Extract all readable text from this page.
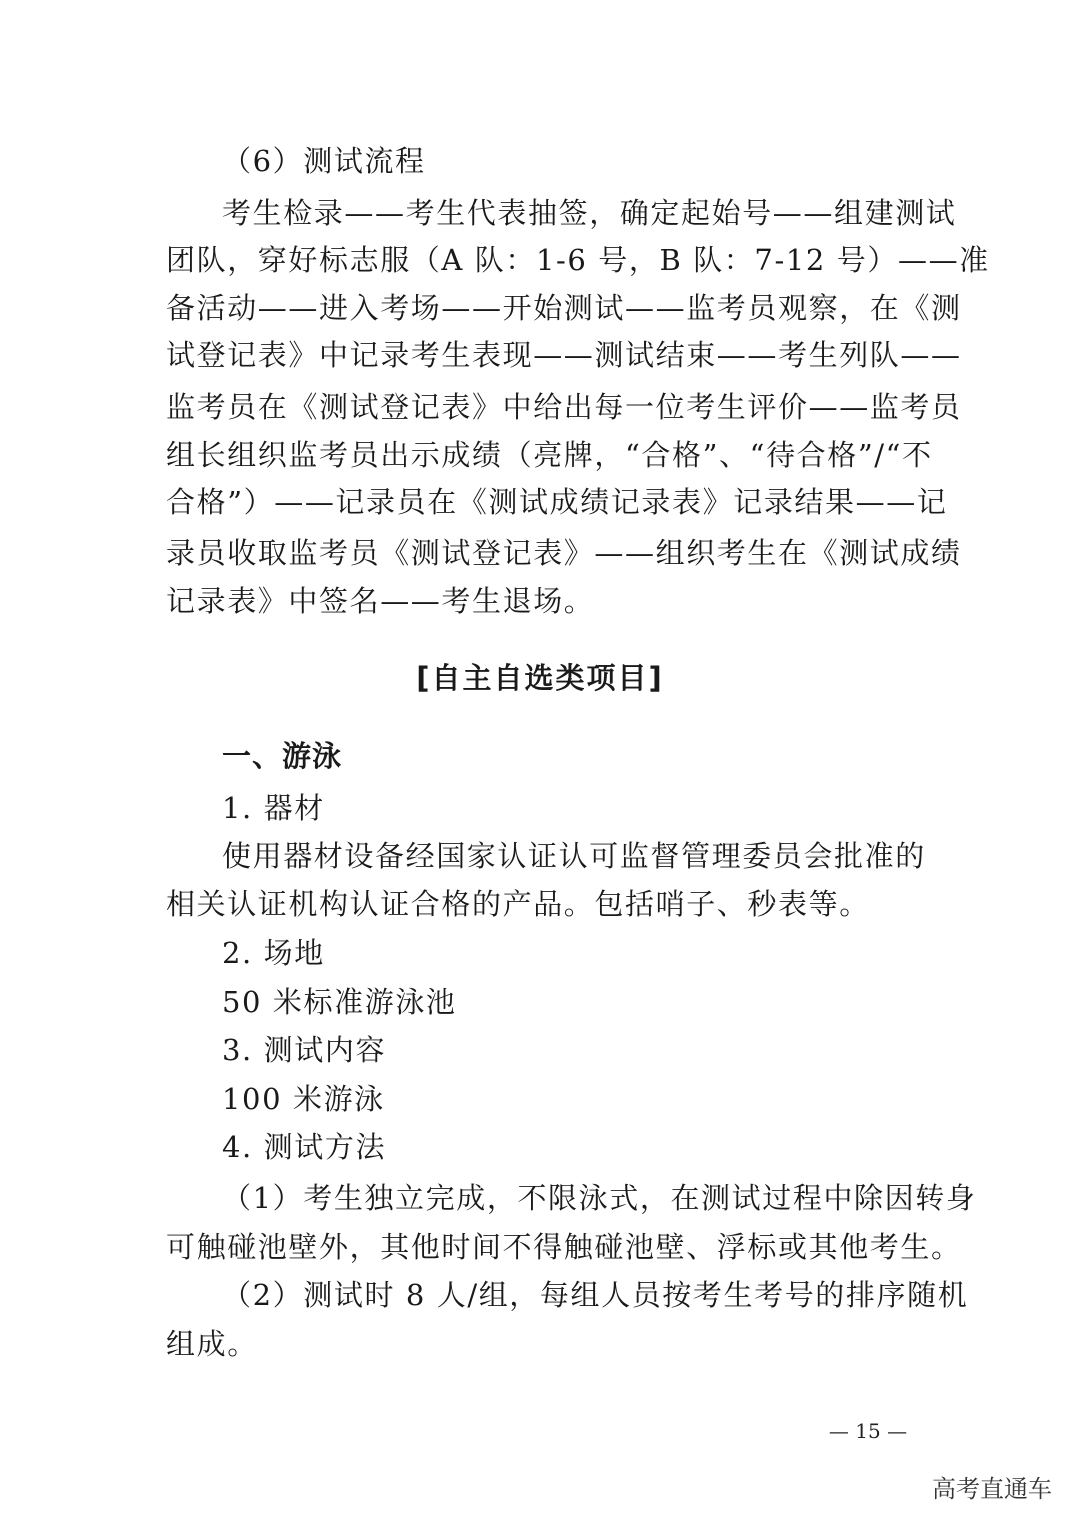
（6）测试流程
考生检录——考生代表抽签，确定起始号——组建测试
团队，穿好标志服（A 队：1-6 号，B 队：7-12 号）——准
备活动——进入考场——开始测试——监考员观察，在《测
试登记表》中记录考生表现——测试结束——考生列队——
监考员在《测试登记表》中给出每一位考生评价——监考员
组长组织监考员出示成绩（亮牌，“合格”、“待合格”/“不
合格”）——记录员在《测试成绩记录表》记录结果——记
录员收取监考员《测试登记表》——组织考生在《测试成绩
记录表》中签名——考生退场。
[自主自选类项目]
一、游泳
1. 器材
使用器材设备经国家认证认可监督管理委员会批准的
相关认证机构认证合格的产品。包括哨子、秒表等。
2. 场地
50 米标准游泳池
3. 测试内容
100 米游泳
4. 测试方法
（1）考生独立完成，不限泳式，在测试过程中除因转身
可触碰池壁外，其他时间不得触碰池壁、浮标或其他考生。
（2）测试时 8 人/组，每组人员按考生考号的排序随机
组成。
— 15 —
高考直通车
